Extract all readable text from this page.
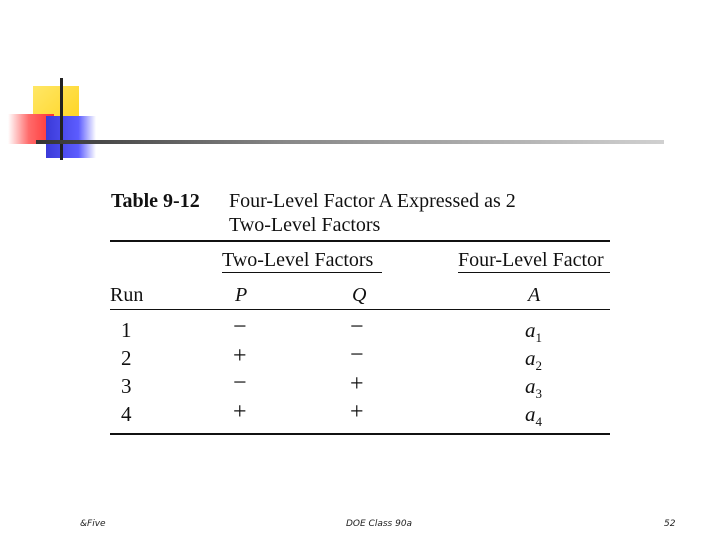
Table 9-12 Four-Level Factor A Expressed as 2
Two-Level Factors
Two-Level Factors	Four-Level Factor
Run	P	Q	A
1	−	−	$a_1$
2	+	−	$a_2$
3	−	+	$a_3$
4	+	+	$a_4$
&Five	DOE Class 90a	52
